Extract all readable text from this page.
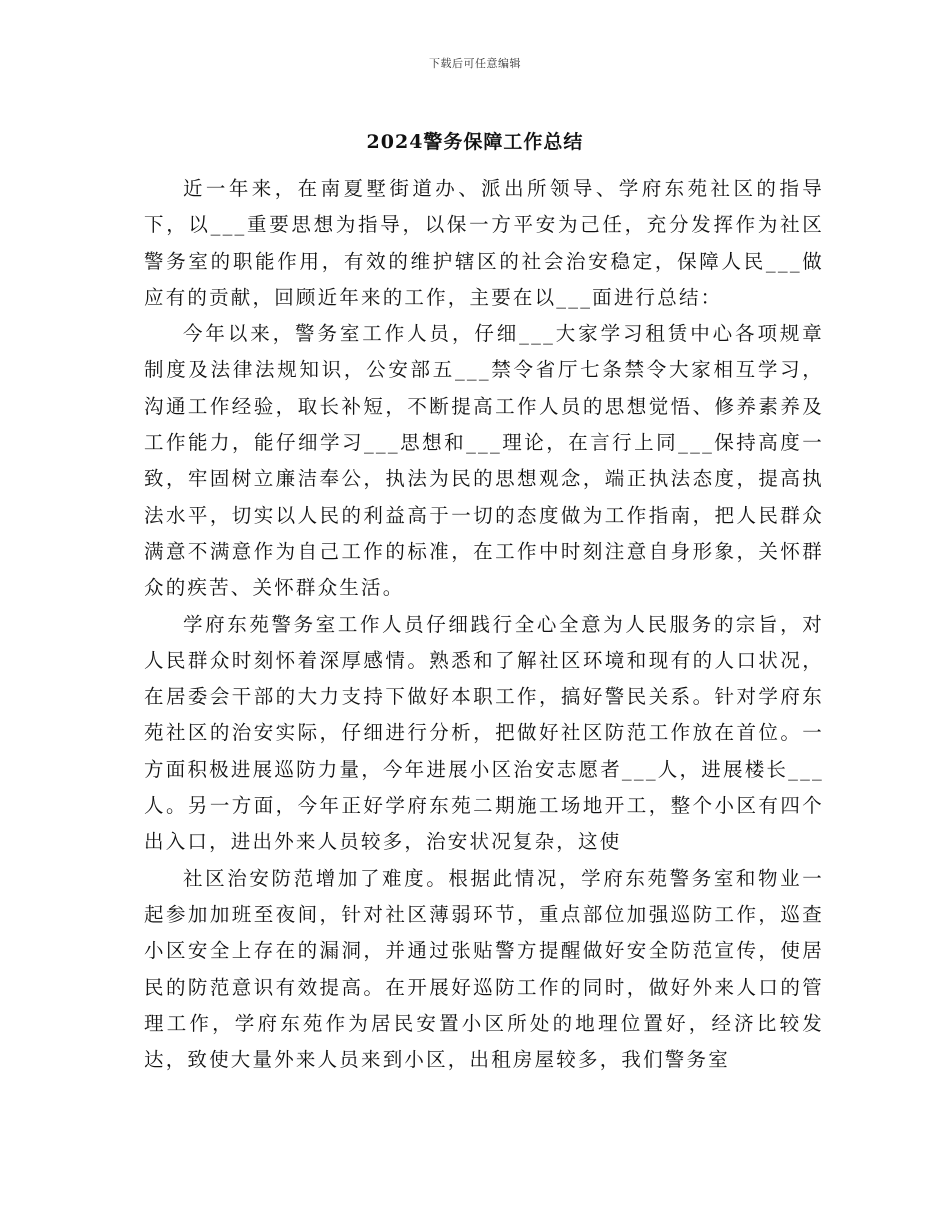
下载后可任意编辑
2024警务保障工作总结

近一年来，在南夏墅街道办、派出所领导、学府东苑社区的指导下，以___重要思想为指导，以保一方平安为己任，充分发挥作为社区警务室的职能作用，有效的维护辖区的社会治安稳定，保障人民___做应有的贡献，回顾近年来的工作，主要在以___面进行总结：

今年以来，警务室工作人员，仔细___大家学习租赁中心各项规章制度及法律法规知识，公安部五___禁令省厅七条禁令大家相互学习，沟通工作经验，取长补短，不断提高工作人员的思想觉悟、修养素养及工作能力，能仔细学习___思想和___理论，在言行上同___保持高度一致，牢固树立廉洁奉公，执法为民的思想观念，端正执法态度，提高执法水平，切实以人民的利益高于一切的态度做为工作指南，把人民群众满意不满意作为自己工作的标准，在工作中时刻注意自身形象，关怀群众的疾苦、关怀群众生活。

学府东苑警务室工作人员仔细践行全心全意为人民服务的宗旨，对人民群众时刻怀着深厚感情。熟悉和了解社区环境和现有的人口状况，在居委会干部的大力支持下做好本职工作，搞好警民关系。针对学府东苑社区的治安实际，仔细进行分析，把做好社区防范工作放在首位。一方面积极进展巡防力量，今年进展小区治安志愿者___人，进展楼长___人。另一方面，今年正好学府东苑二期施工场地开工，整个小区有四个出入口，进出外来人员较多，治安状况复杂，这使

社区治安防范增加了难度。根据此情况，学府东苑警务室和物业一起参加加班至夜间，针对社区薄弱环节，重点部位加强巡防工作，巡查小区安全上存在的漏洞，并通过张贴警方提醒做好安全防范宣传，使居民的防范意识有效提高。在开展好巡防工作的同时，做好外来人口的管理工作，学府东苑作为居民安置小区所处的地理位置好，经济比较发达，致使大量外来人员来到小区，出租房屋较多，我们警务室
